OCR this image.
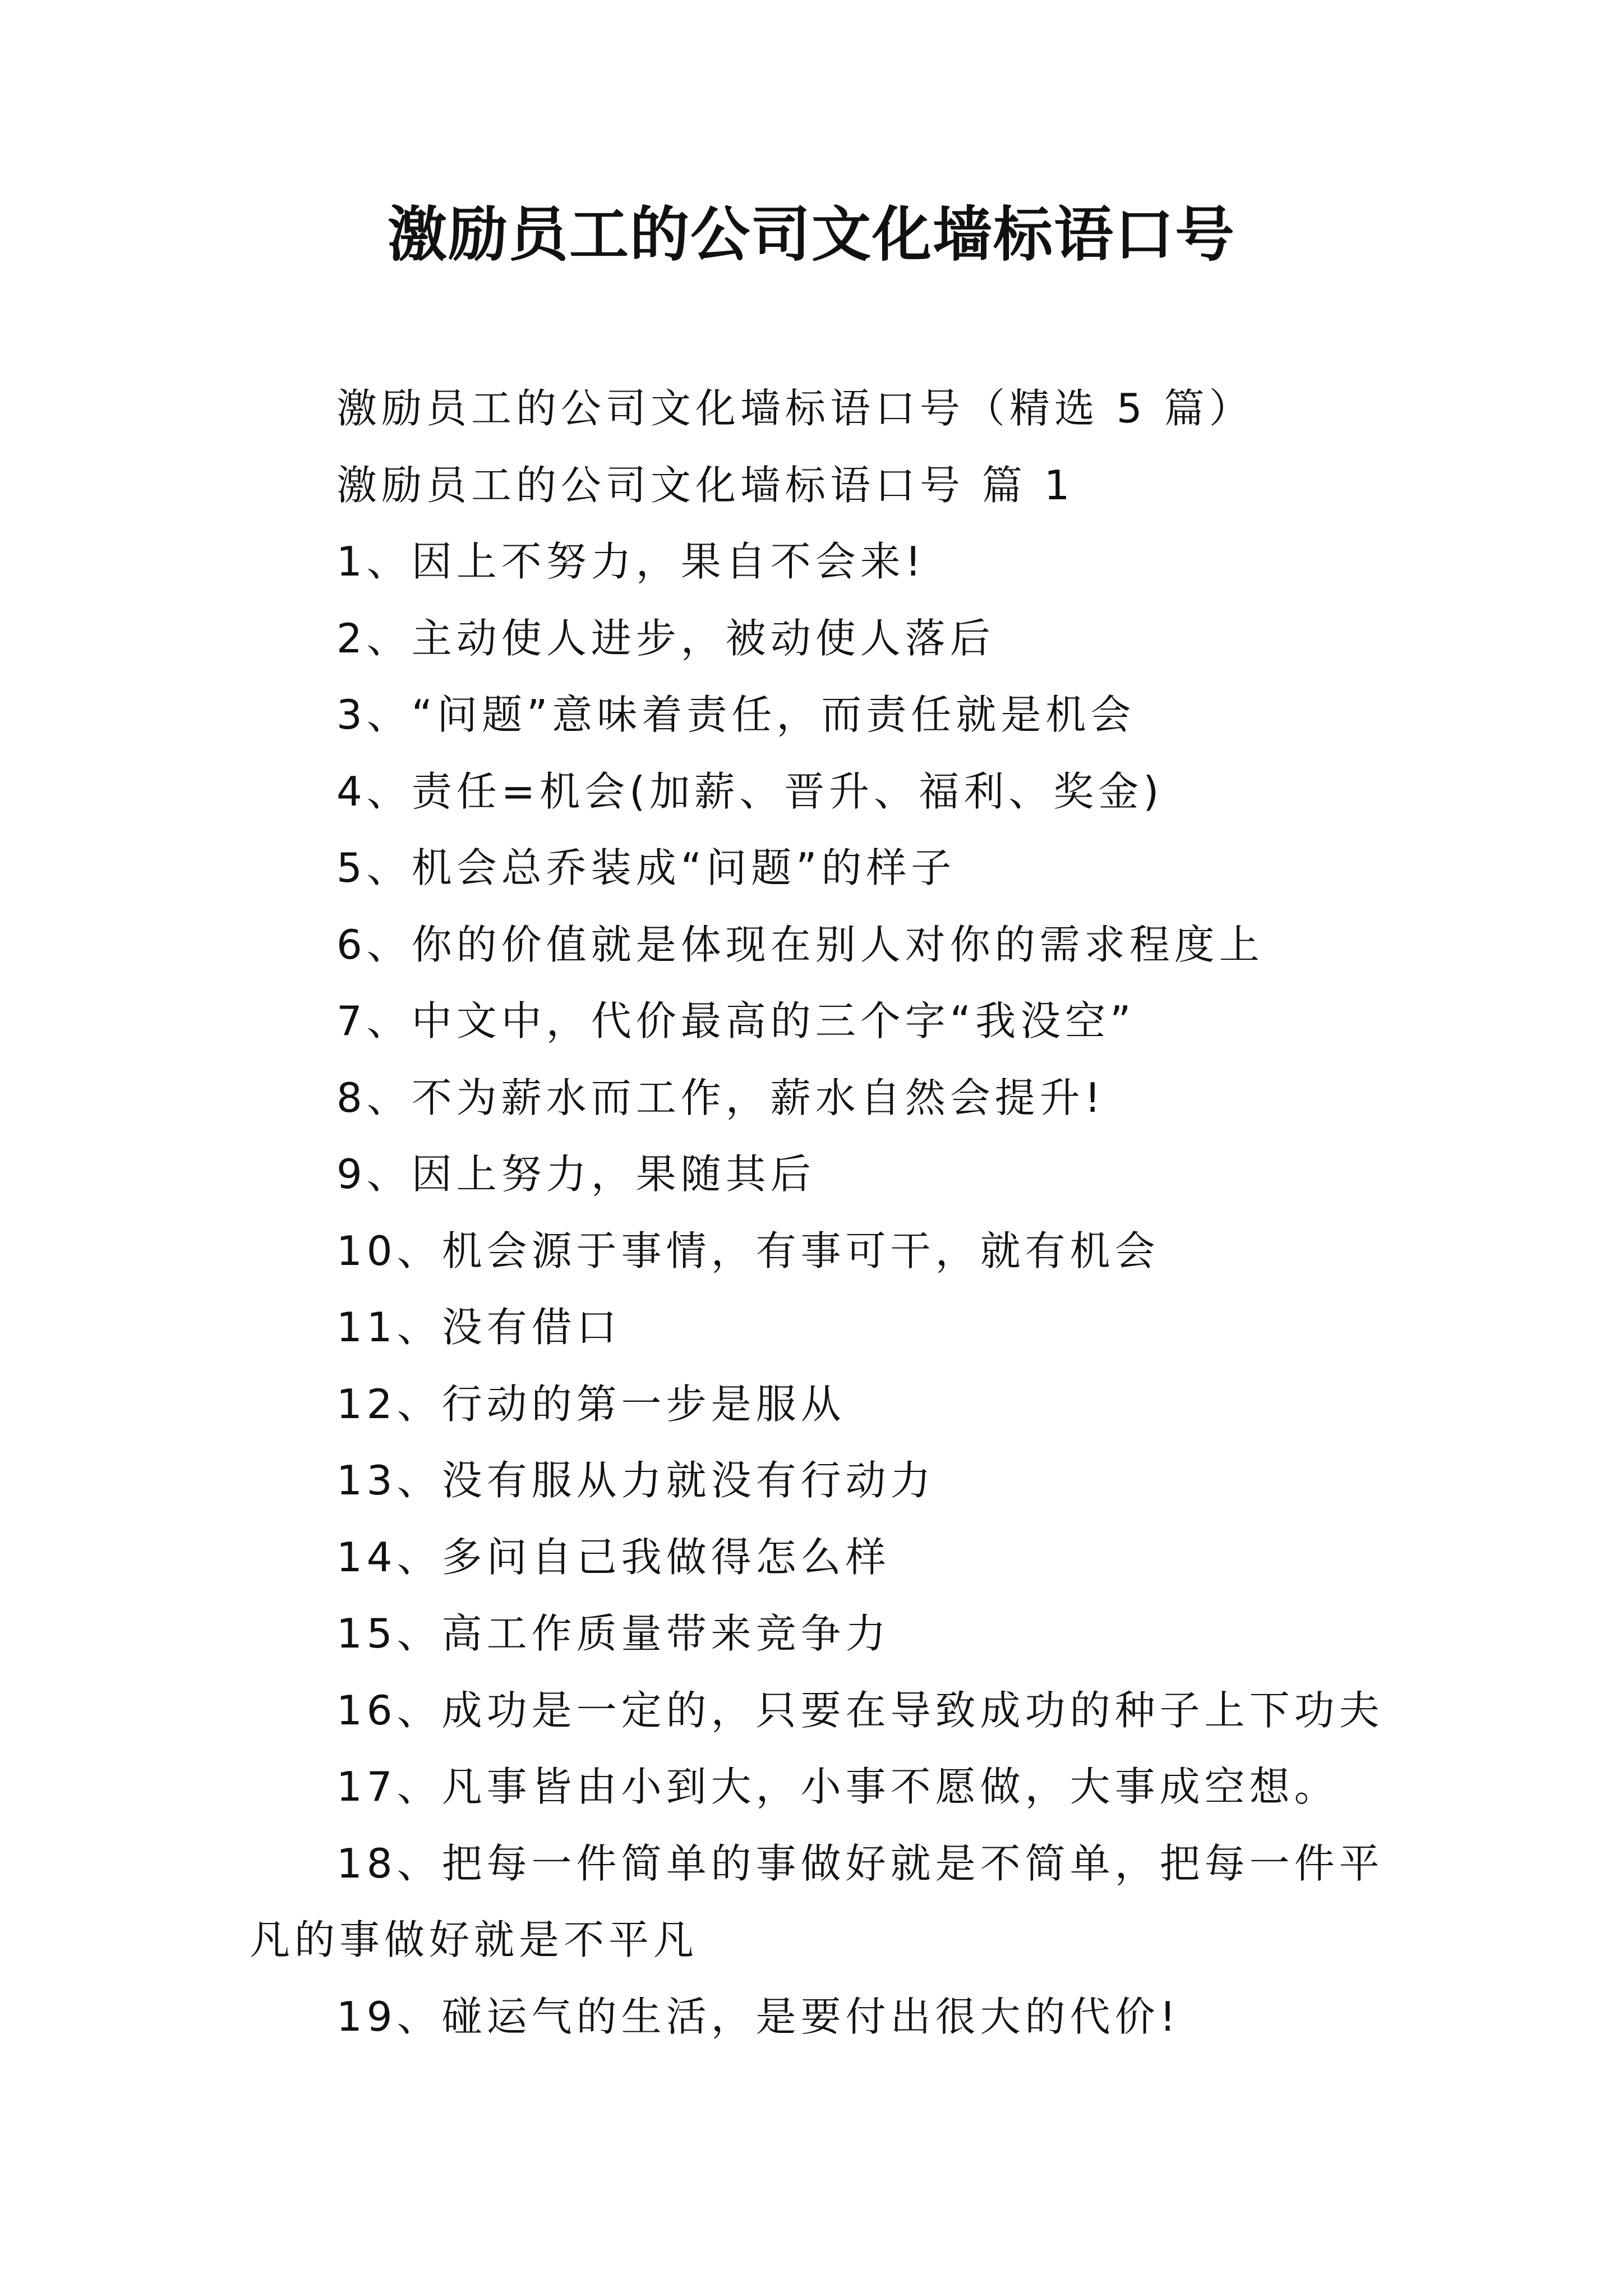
激励员工的公司文化墙标语口号

激励员工的公司文化墙标语口号（精选 5 篇）

激励员工的公司文化墙标语口号 篇 1

1、因上不努力，果自不会来!

2、主动使人进步，被动使人落后

3、“问题”意味着责任，而责任就是机会

4、责任=机会(加薪、晋升、福利、奖金)

5、机会总乔装成“问题”的样子

6、你的价值就是体现在别人对你的需求程度上

7、中文中，代价最高的三个字“我没空”

8、不为薪水而工作，薪水自然会提升!

9、因上努力，果随其后

10、机会源于事情，有事可干，就有机会

11、没有借口

12、行动的第一步是服从

13、没有服从力就没有行动力

14、多问自己我做得怎么样

15、高工作质量带来竞争力

16、成功是一定的，只要在导致成功的种子上下功夫

17、凡事皆由小到大，小事不愿做，大事成空想。

18、把每一件简单的事做好就是不简单，把每一件平凡的事做好就是不平凡

19、碰运气的生活，是要付出很大的代价!
